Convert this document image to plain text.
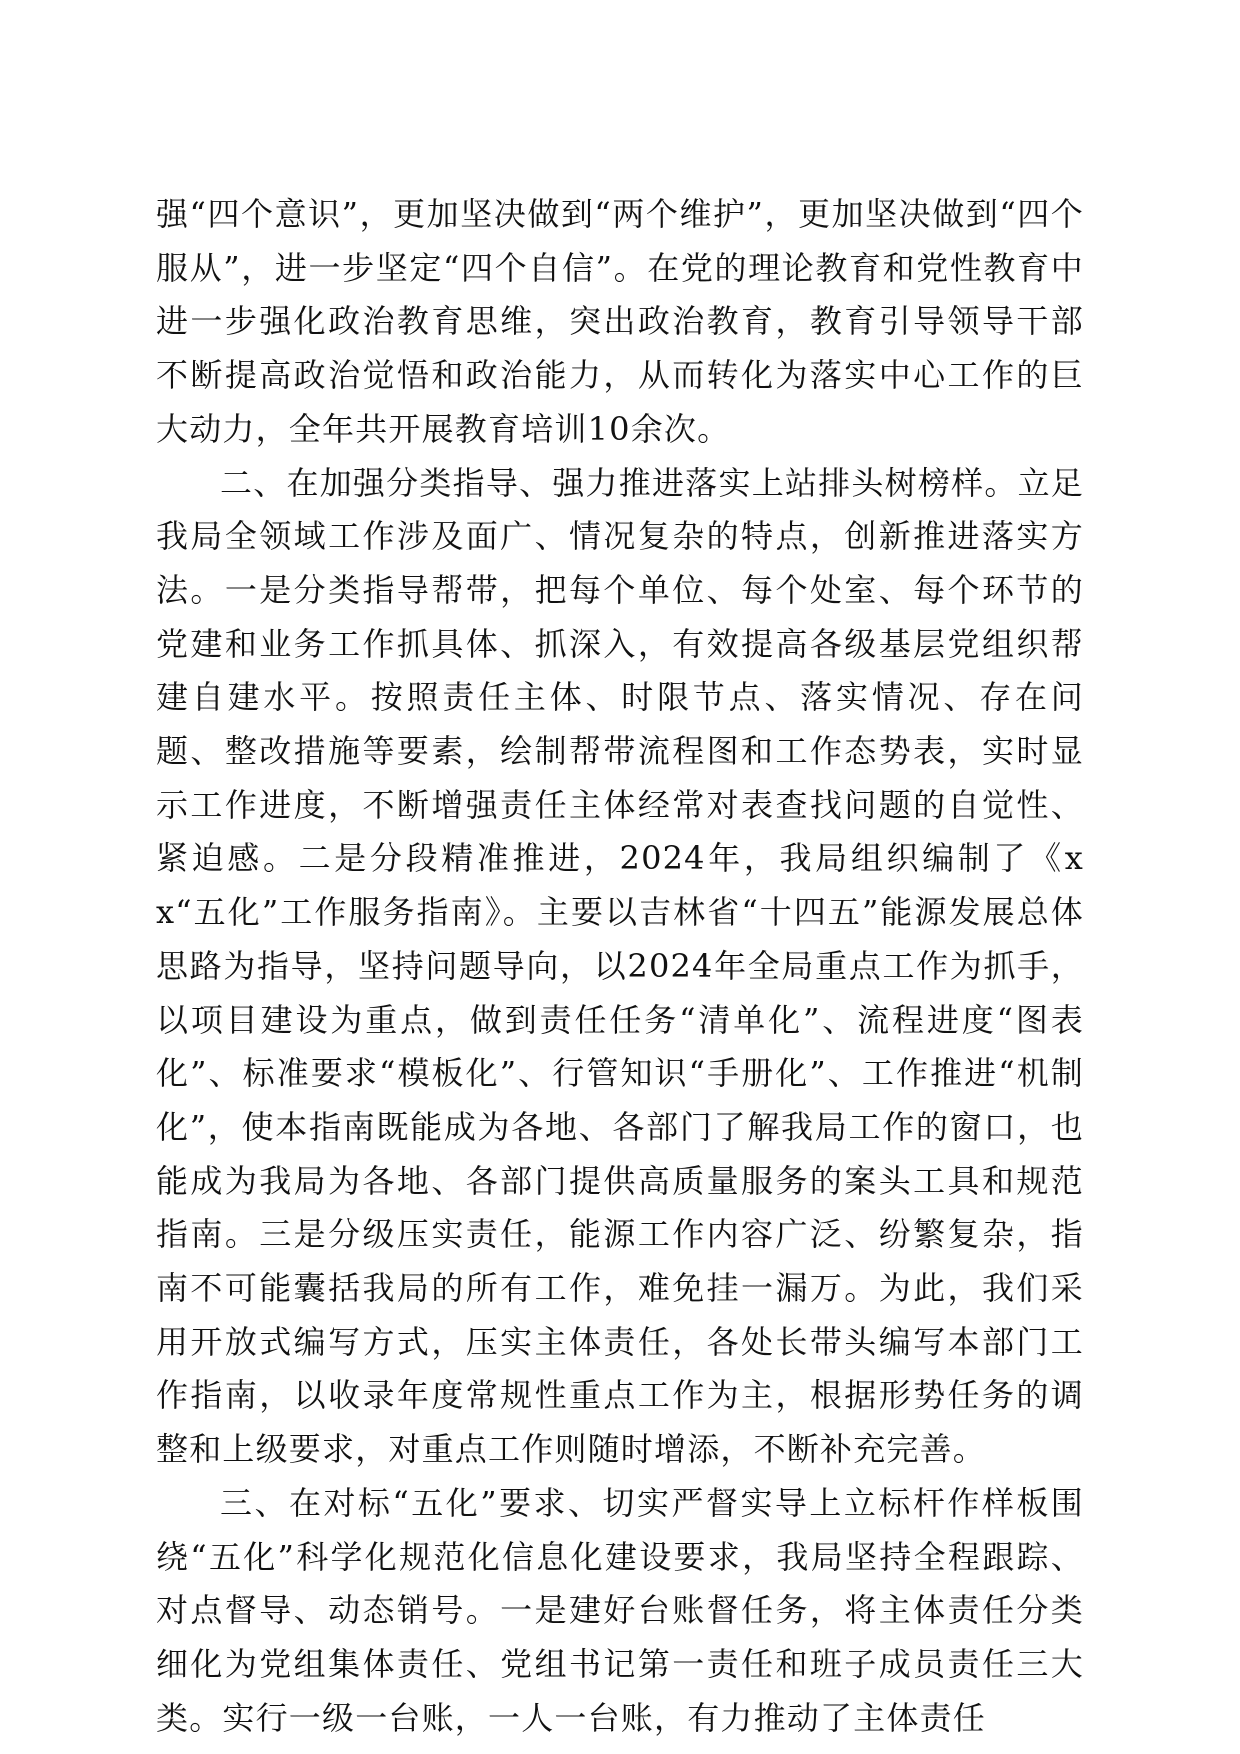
强“四个意识”，更加坚决做到“两个维护”，更加坚决做到“四个服从”，进一步坚定“四个自信”。在党的理论教育和党性教育中进一步强化政治教育思维，突出政治教育，教育引导领导干部不断提高政治觉悟和政治能力，从而转化为落实中心工作的巨大动力，全年共开展教育培训10余次。

二、在加强分类指导、强力推进落实上站排头树榜样。立足我局全领域工作涉及面广、情况复杂的特点，创新推进落实方法。一是分类指导帮带，把每个单位、每个处室、每个环节的党建和业务工作抓具体、抓深入，有效提高各级基层党组织帮建自建水平。按照责任主体、时限节点、落实情况、存在问题、整改措施等要素，绘制帮带流程图和工作态势表，实时显示工作进度，不断增强责任主体经常对表查找问题的自觉性、紧迫感。二是分段精准推进，2024年，我局组织编制了《xx“五化”工作服务指南》。主要以吉林省“十四五”能源发展总体思路为指导，坚持问题导向，以2024年全局重点工作为抓手，以项目建设为重点，做到责任任务“清单化”、流程进度“图表化”、标准要求“模板化”、行管知识“手册化”、工作推进“机制化”，使本指南既能成为各地、各部门了解我局工作的窗口，也能成为我局为各地、各部门提供高质量服务的案头工具和规范指南。三是分级压实责任，能源工作内容广泛、纷繁复杂，指南不可能囊括我局的所有工作，难免挂一漏万。为此，我们采用开放式编写方式，压实主体责任，各处长带头编写本部门工作指南，以收录年度常规性重点工作为主，根据形势任务的调整和上级要求，对重点工作则随时增添，不断补充完善。

三、在对标“五化”要求、切实严督实导上立标杆作样板围绕“五化”科学化规范化信息化建设要求，我局坚持全程跟踪、对点督导、动态销号。一是建好台账督任务，将主体责任分类细化为党组集体责任、党组书记第一责任和班子成员责任三大类。实行一级一台账，一人一台账，有力推动了主体责任
